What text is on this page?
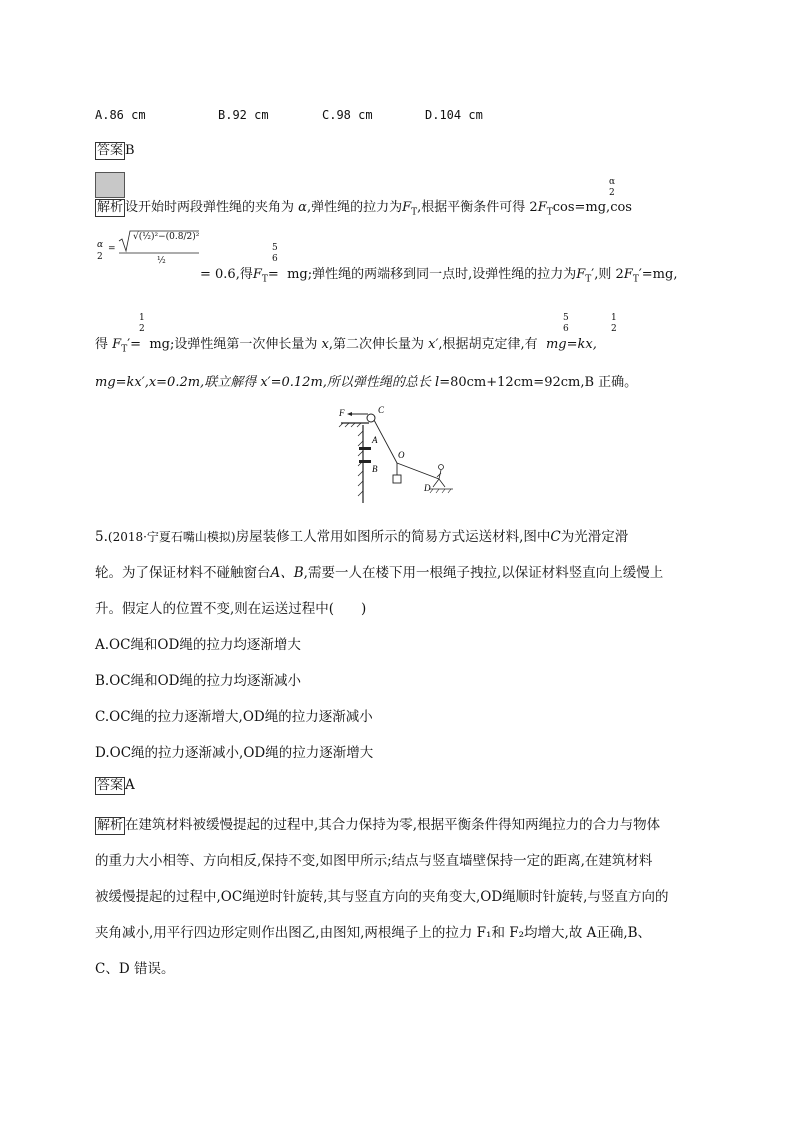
A.86 cm	B.92 cm	C.98 cm	D.104 cm
答案 B
解析 设开始时两段弹性绳的夹角为 α,弹性绳的拉力为$F_T$,根据平衡条件可得 $2F_T\cos=mg,\cos$
α
2
α
2
=
√(½)²−(0.8/2)²
½
= 0.6,得$F_T=$ mg;弹性绳的两端移到同一点时,设弹性绳的拉力为$F_T'$,则 $2F_T'=mg$,
5
6
1
2
5
6
1
2
得 $F_T'=$ mg;设弹性绳第一次伸长量为 x,第二次伸长量为 x′,根据胡克定律,有 mg=kx,
mg=kx′,x=0.2m,联立解得 x′=0.12m,所以弹性绳的总长 l=80cm+12cm=92cm,B 正确。
F	C
A
B
O
D
5.(2018·宁夏石嘴山模拟)房屋装修工人常用如图所示的简易方式运送材料,图中C为光滑定滑
轮。为了保证材料不碰触窗台A、B,需要一人在楼下用一根绳子拽拉,以保证材料竖直向上缓慢上
升。假定人的位置不变,则在运送过程中(　　)
A.OC绳和OD绳的拉力均逐渐增大
B.OC绳和OD绳的拉力均逐渐减小
C.OC绳的拉力逐渐增大,OD绳的拉力逐渐减小
D.OC绳的拉力逐渐减小,OD绳的拉力逐渐增大
答案 A
解析 在建筑材料被缓慢提起的过程中,其合力保持为零,根据平衡条件得知两绳拉力的合力与物体
的重力大小相等、方向相反,保持不变,如图甲所示;结点与竖直墙壁保持一定的距离,在建筑材料
被缓慢提起的过程中,OC绳逆时针旋转,其与竖直方向的夹角变大,OD绳顺时针旋转,与竖直方向的
夹角减小,用平行四边形定则作出图乙,由图知,两根绳子上的拉力 F₁和 F₂均增大,故 A正确,B、
C、D 错误。
